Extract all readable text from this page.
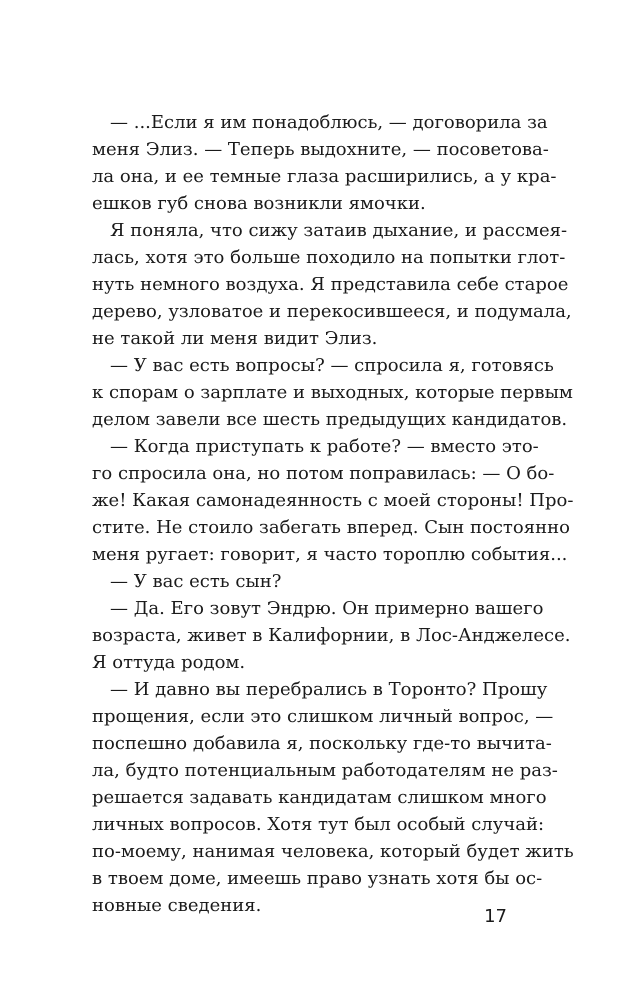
— ...Если я им понадоблюсь, — договорила за
меня Элиз. — Теперь выдохните, — посоветова-
ла она, и ее темные глаза расширились, а у кра-
ешков губ снова возникли ямочки.
Я поняла, что сижу затаив дыхание, и рассмея-
лась, хотя это больше походило на попытки глот-
нуть немного воздуха. Я представила себе старое
дерево, узловатое и перекосившееся, и подумала,
не такой ли меня видит Элиз.
— У вас есть вопросы? — спросила я, готовясь
к спорам о зарплате и выходных, которые первым
делом завели все шесть предыдущих кандидатов.
— Когда приступать к работе? — вместо это-
го спросила она, но потом поправилась: — О бо-
же! Какая самонадеянность с моей стороны! Про-
стите. Не стоило забегать вперед. Сын постоянно
меня ругает: говорит, я часто тороплю события...
— У вас есть сын?
— Да. Его зовут Эндрю. Он примерно вашего
возраста, живет в Калифорнии, в Лос-Анджелесе.
Я оттуда родом.
— И давно вы перебрались в Торонто? Прошу
прощения, если это слишком личный вопрос, —
поспешно добавила я, поскольку где-то вычита-
ла, будто потенциальным работодателям не раз-
решается задавать кандидатам слишком много
личных вопросов. Хотя тут был особый случай:
по-моему, нанимая человека, который будет жить
в твоем доме, имеешь право узнать хотя бы ос-
новные сведения.
17
